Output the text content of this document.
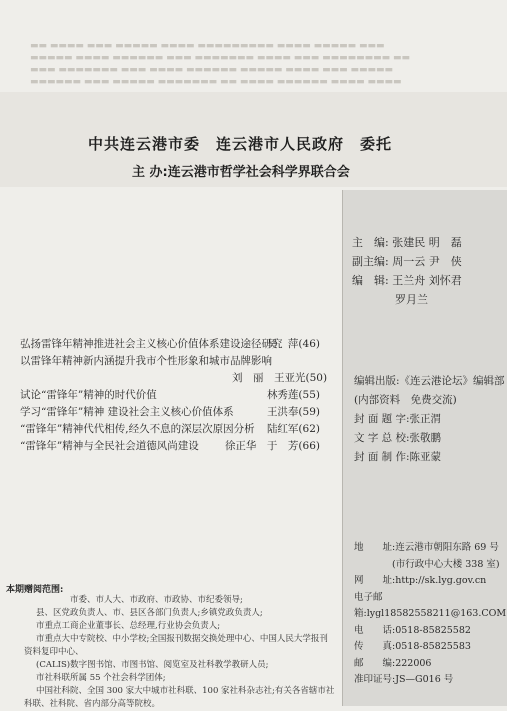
▬▬ ▬▬▬▬ ▬▬▬ ▬▬▬▬▬ ▬▬▬▬ ▬▬▬▬▬▬▬▬▬ ▬▬▬▬ ▬▬▬▬▬ ▬▬▬
▬▬▬▬▬ ▬▬▬▬ ▬▬▬▬▬▬ ▬▬▬ ▬▬▬▬▬▬▬ ▬▬▬▬ ▬▬▬ ▬▬▬▬▬▬▬▬ ▬▬
▬▬▬ ▬▬▬▬▬▬▬ ▬▬▬ ▬▬▬▬ ▬▬▬▬▬▬ ▬▬▬▬▬ ▬▬▬▬ ▬▬▬ ▬▬▬▬▬
▬▬▬▬▬▬ ▬▬▬ ▬▬▬▬▬ ▬▬▬▬▬▬▬ ▬▬ ▬▬▬▬ ▬▬▬▬▬▬ ▬▬▬▬ ▬▬▬▬
中共连云港市委　连云港市人民政府　委托
主 办:连云港市哲学社会科学界联合会
主　编: 张建民 明　磊
副主编: 周一云 尹　侠
编　辑: 王兰舟 刘怀君
罗月兰
弘扬雷锋年精神推进社会主义核心价值体系建设途径研究
吴　萍(46)
以雷锋年精神新内涵提升我市个性形象和城市品牌影响
刘　丽　王亚光(50)
试论“雷锋年”精神的时代价值	林秀莲(55)
学习“雷锋年”精神 建设社会主义核心价值体系	王洪奉(59)
“雷锋年”精神代代相传,经久不息的深层次原因分析 陆红军(62)
“雷锋年”精神与全民社会道德风尚建设 徐正华　于　芳(66)
编辑出版:《连云港论坛》编辑部
(内部资料　免费交流)
封 面 题 字:张正渭
文 字 总 校:张敬鹏
封 面 制 作:陈亚蒙
地　　址:连云港市朝阳东路 69 号
　　　　(市行政中心大楼 338 室)
网　　址:http://sk.lyg.gov.cn
电子邮箱:lygl18582558211@163.COM
电　　话:0518-85825582
传　　真:0518-85825583
邮　　编:222006
准印证号:JS—G016 号
本期赠阅范围:
市委、市人大、市政府、市政协、市纪委领导;
县、区党政负责人、市、县区各部门负责人;乡镇党政负责人;
市重点工商企业董事长、总经理,行业协会负责人;
市重点大中专院校、中小学校;全国报刊数据交换处理中心、中国人民大学报刊
资料复印中心、
(CALIS)数字图书馆、市图书馆、阅览室及社科教学教研人员;
市社科联所属 55 个社会科学团体;
中国社科院、全国 300 家大中城市社科联、100 家社科杂志社;有关各省辖市社
科联、社科院、省内部分高等院校。
